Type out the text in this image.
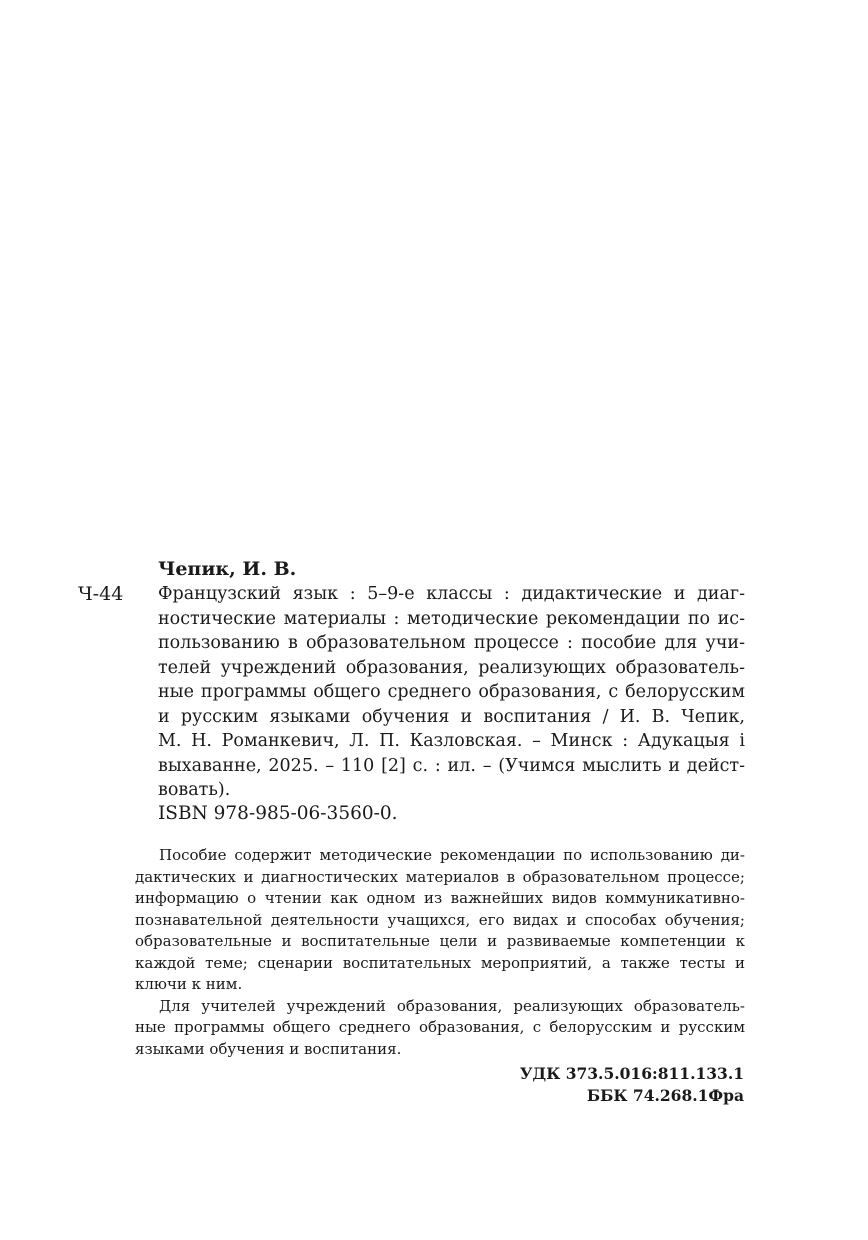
Чепик, И. В.
Ч-44 Французский язык : 5–9-е классы : дидактические и диаг-
ностические материалы : методические рекомендации по ис-
пользованию в образовательном процессе : пособие для учи-
телей учреждений образования, реализующих образователь-
ные программы общего среднего образования, с белорусским
и русским языками обучения и воспитания / И. В. Чепик,
М. Н. Романкевич, Л. П. Казловская. – Минск : Адукацыя і
выхаванне, 2025. – 110 [2] с. : ил. – (Учимся мыслить и дейст-
вовать).
ISBN 978-985-06-3560-0.
Пособие содержит методические рекомендации по использованию ди-
дактических и диагностических материалов в образовательном процессе;
информацию о чтении как одном из важнейших видов коммуникативно-
познавательной деятельности учащихся, его видах и способах обучения;
образовательные и воспитательные цели и развиваемые компетенции к
каждой теме; сценарии воспитательных мероприятий, а также тесты и
ключи к ним.
Для учителей учреждений образования, реализующих образователь-
ные программы общего среднего образования, с белорусским и русским
языками обучения и воспитания.
УДК 373.5.016:811.133.1
ББК 74.268.1Фра
